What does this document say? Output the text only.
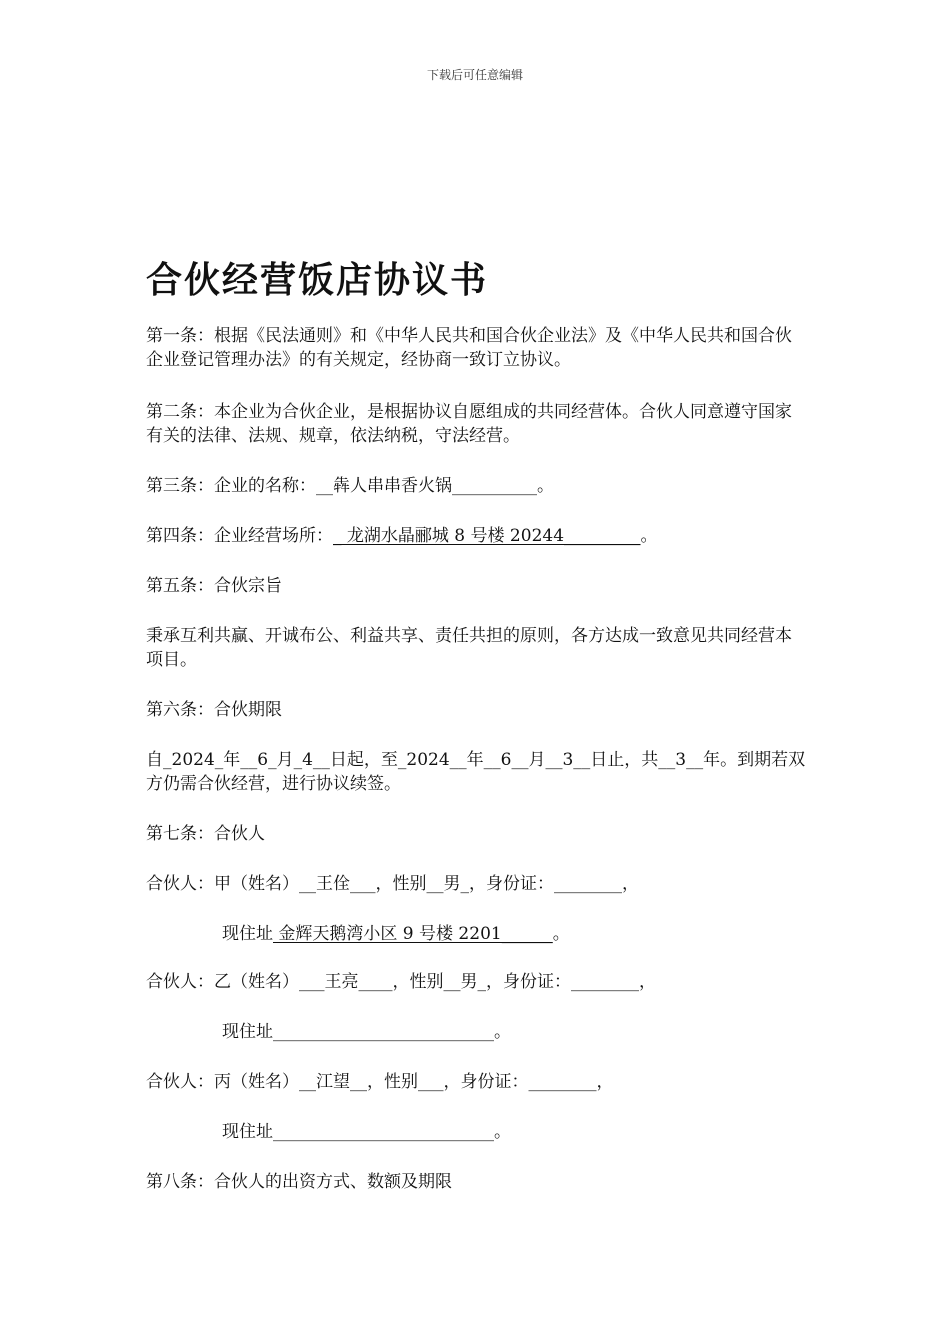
下载后可任意编辑
合伙经营饭店协议书

第一条：根据《民法通则》和《中华人民共和国合伙企业法》及《中华人民共和国合伙企业登记管理办法》的有关规定，经协商一致订立协议。

第二条：本企业为合伙企业，是根据协议自愿组成的共同经营体。合伙人同意遵守国家有关的法律、法规、规章，依法纳税，守法经营。

第三条：企业的名称：__犇人串串香火锅__________。

第四条：企业经营场所：_ 龙湖水晶郦城 8 号楼 20244_________。

第五条：合伙宗旨

秉承互利共赢、开诚布公、利益共享、责任共担的原则，各方达成一致意见共同经营本项目。

第六条：合伙期限

自_2024_年__6_月_4__日起，至_2024__年__6__月__3__日止，共__3__年。到期若双方仍需合伙经营，进行协议续签。

第七条：合伙人

合伙人：甲（姓名）__王佺___，性别__男_，身份证：________，

现住址 金辉天鹅湾小区 9 号楼 2201______。

合伙人：乙（姓名）___王亮____，性别__男_，身份证：________，

现住址__________________________。

合伙人：丙（姓名）__江望__，性别___，身份证：________，

现住址__________________________。

第八条：合伙人的出资方式、数额及期限
